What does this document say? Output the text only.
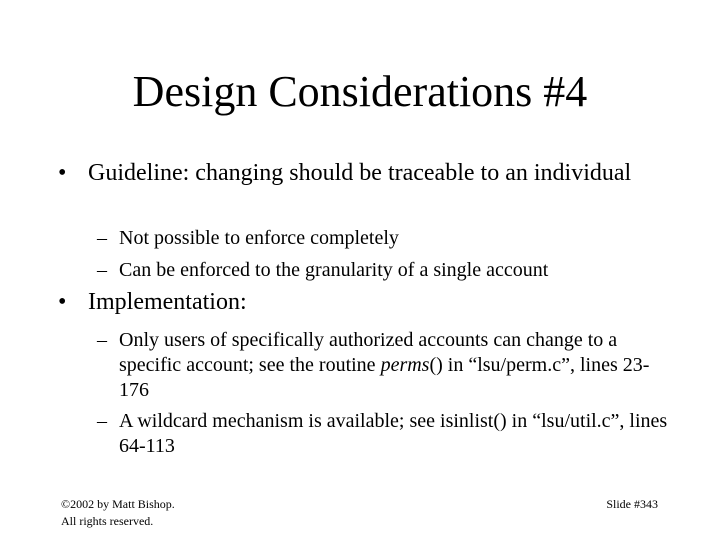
Design Considerations #4
• Guideline: changing should be traceable to an individual
– Not possible to enforce completely
– Can be enforced to the granularity of a single account
• Implementation:
– Only users of specifically authorized accounts can change to a specific account; see the routine perms() in “lsu/perm.c”, lines 23-176
– A wildcard mechanism is available; see isinlist() in “lsu/util.c”, lines 64-113
©2002 by Matt Bishop.
All rights reserved.
Slide #343
